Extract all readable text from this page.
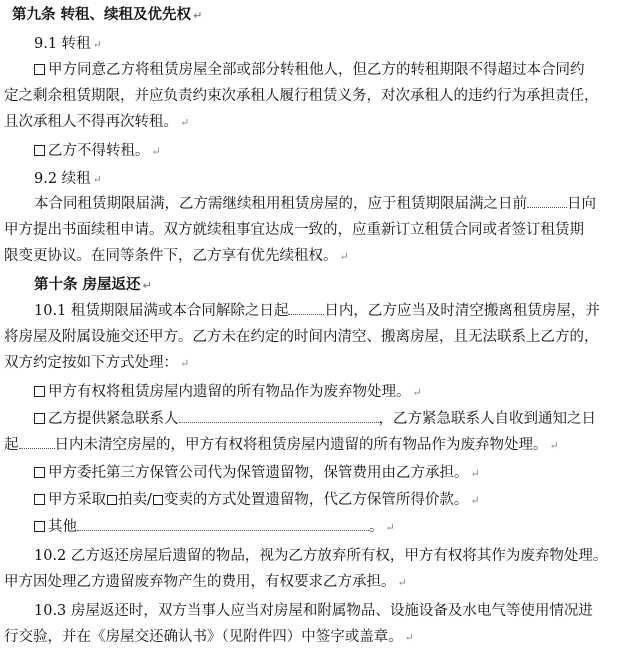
第九条 转租、续租及优先权 ↵
9.1 转租 ↵
甲方同意乙方将租赁房屋全部或部分转租他人，但乙方的转租期限不得超过本合同约
定之剩余租赁期限，并应负责约束次承租人履行租赁义务，对次承租人的违约行为承担责任，
且次承租人不得再次转租。 ↵
乙方不得转租。 ↵
9.2 续租 ↵
本合同租赁期限届满，乙方需继续租用租赁房屋的，应于租赁期限届满之日前	日向
甲方提出书面续租申请。双方就续租事宜达成一致的，应重新订立租赁合同或者签订租赁期
限变更协议。在同等条件下，乙方享有优先续租权。 ↵
第十条 房屋返还 ↵
10.1 租赁期限届满或本合同解除之日起 日内，乙方应当及时清空搬离租赁房屋，并
将房屋及附属设施交还甲方。乙方未在约定的时间内清空、搬离房屋，且无法联系上乙方的，
双方约定按如下方式处理： ↵
甲方有权将租赁房屋内遗留的所有物品作为废弃物处理。 ↵
乙方提供紧急联系人	，乙方紧急联系人自收到通知之日
起 日内未清空房屋的，甲方有权将租赁房屋内遗留的所有物品作为废弃物处理。 ↵
甲方委托第三方保管公司代为保管遗留物，保管费用由乙方承担。 ↵
甲方采取 拍卖/ 变卖的方式处置遗留物，代乙方保管所得价款。 ↵
其他	。 ↵
10.2 乙方返还房屋后遗留的物品，视为乙方放弃所有权，甲方有权将其作为废弃物处理。
甲方因处理乙方遗留废弃物产生的费用，有权要求乙方承担。 ↵
10.3 房屋返还时，双方当事人应当对房屋和附属物品、设施设备及水电气等使用情况进
行交验，并在《房屋交还确认书》（见附件四）中签字或盖章。 ↵
